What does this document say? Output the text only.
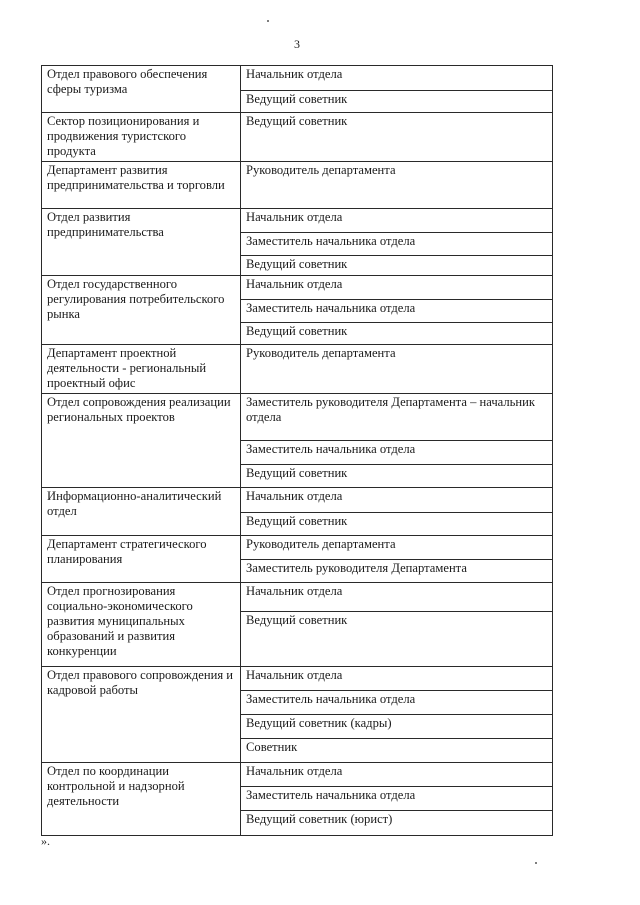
3
Отдел правового обеспечения сферы туризма	Начальник отдела
	Ведущий советник
Сектор позиционирования и продвижения туристского продукта	Ведущий советник
Департамент развития предпринимательства и торговли	Руководитель департамента
Отдел развития предпринимательства	Начальник отдела
	Заместитель начальника отдела
	Ведущий советник
Отдел государственного регулирования потребительского рынка	Начальник отдела
	Заместитель начальника отдела
	Ведущий советник
Департамент проектной деятельности - региональный проектный офис	Руководитель департамента
Отдел сопровождения реализации региональных проектов	Заместитель руководителя Департамента – начальник отдела
	Заместитель начальника отдела
	Ведущий советник
Информационно-аналитический отдел	Начальник отдела
	Ведущий советник
Департамент стратегического планирования	Руководитель департамента
	Заместитель руководителя Департамента
Отдел прогнозирования социально-экономического развития муниципальных образований и развития конкуренции	Начальник отдела
	Ведущий советник
Отдел правового сопровождения и кадровой работы	Начальник отдела
	Заместитель начальника отдела
	Ведущий советник (кадры)
	Советник
Отдел по координации контрольной и надзорной деятельности	Начальник отдела
	Заместитель начальника отдела
	Ведущий советник (юрист)
».
